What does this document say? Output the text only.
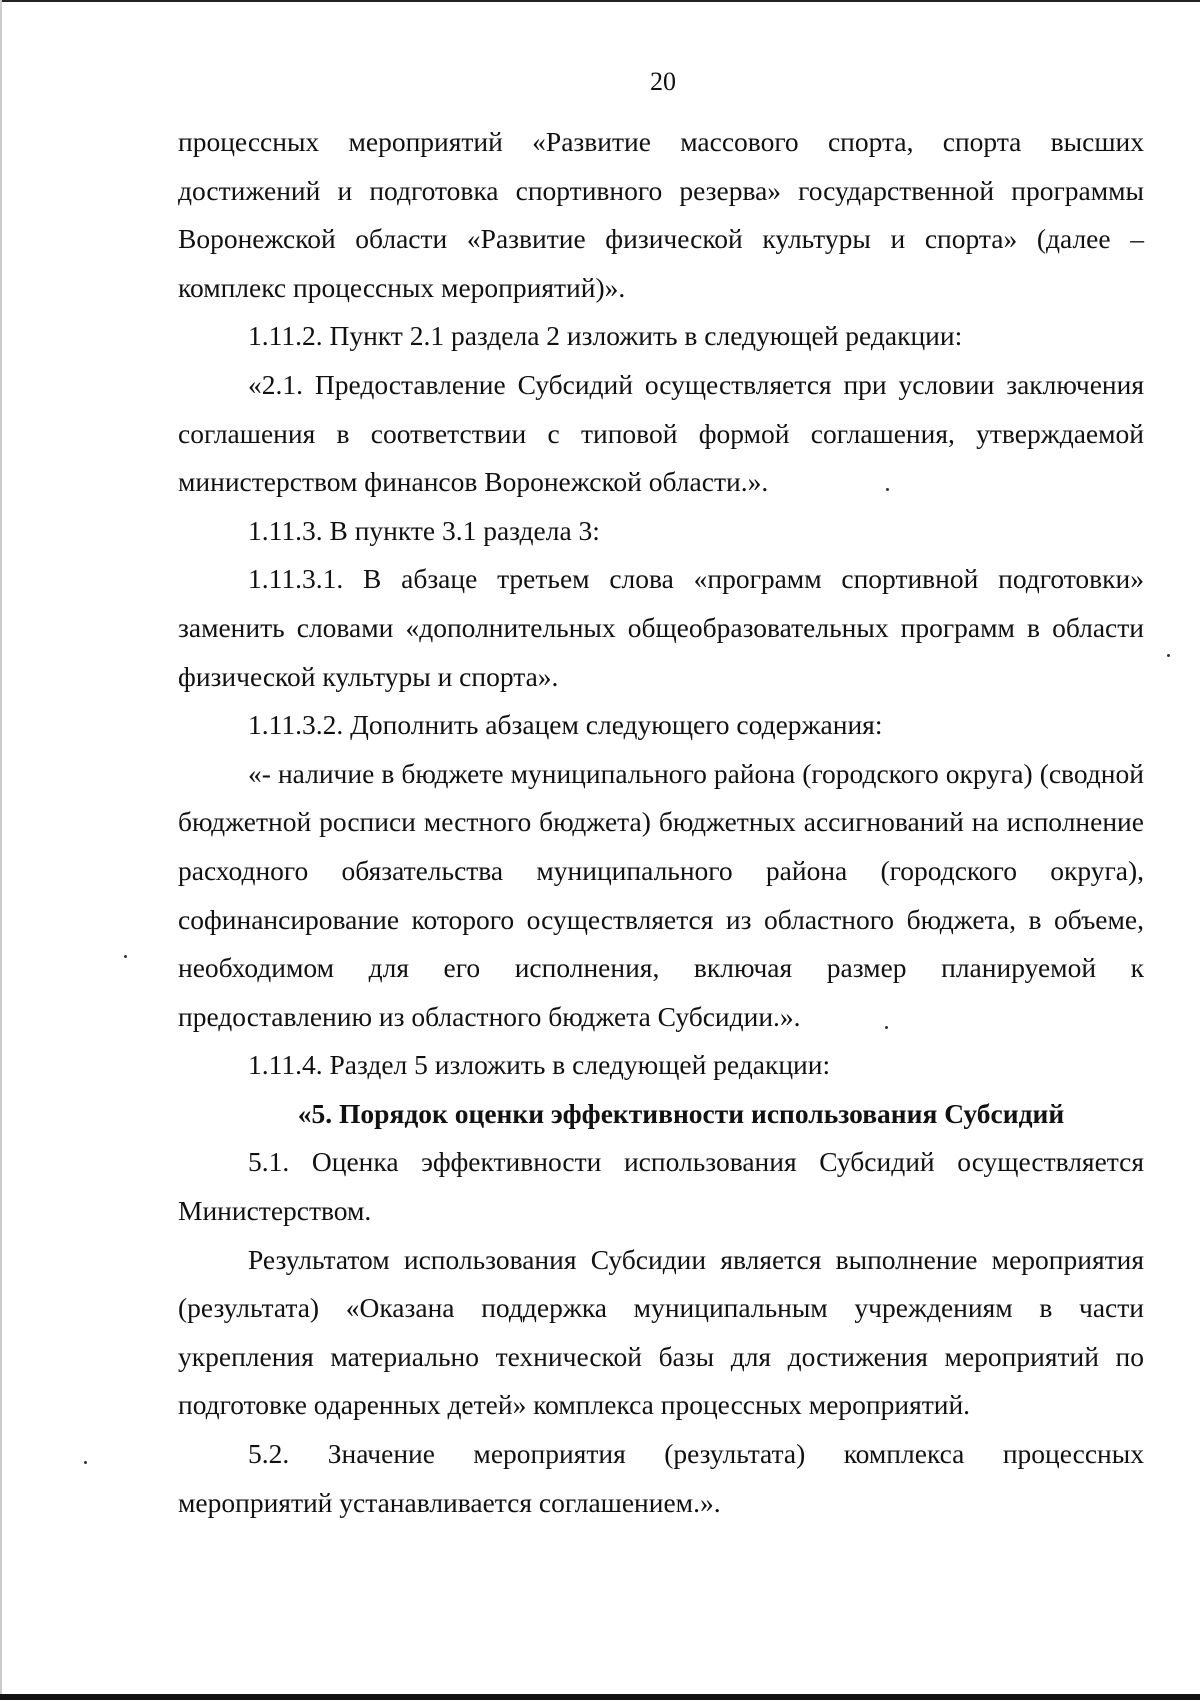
20

процессных мероприятий «Развитие массового спорта, спорта высших достижений и подготовка спортивного резерва» государственной программы Воронежской области «Развитие физической культуры и спорта» (далее – комплекс процессных мероприятий)».

1.11.2. Пункт 2.1 раздела 2 изложить в следующей редакции:

«2.1. Предоставление Субсидий осуществляется при условии заключения соглашения в соответствии с типовой формой соглашения, утверждаемой министерством финансов Воронежской области.».

1.11.3. В пункте 3.1 раздела 3:

1.11.3.1. В абзаце третьем слова «программ спортивной подготовки» заменить словами «дополнительных общеобразовательных программ в области физической культуры и спорта».

1.11.3.2. Дополнить абзацем следующего содержания:

«- наличие в бюджете муниципального района (городского округа) (сводной бюджетной росписи местного бюджета) бюджетных ассигнований на исполнение расходного обязательства муниципального района (городского округа), софинансирование которого осуществляется из областного бюджета, в объеме, необходимом для его исполнения, включая размер планируемой к предоставлению из областного бюджета Субсидии.».

1.11.4. Раздел 5 изложить в следующей редакции:

«5. Порядок оценки эффективности использования Субсидий

5.1. Оценка эффективности использования Субсидий осуществляется Министерством.

Результатом использования Субсидии является выполнение мероприятия (результата) «Оказана поддержка муниципальным учреждениям в части укрепления материально технической базы для достижения мероприятий по подготовке одаренных детей» комплекса процессных мероприятий.

5.2. Значение мероприятия (результата) комплекса процессных мероприятий устанавливается соглашением.».
